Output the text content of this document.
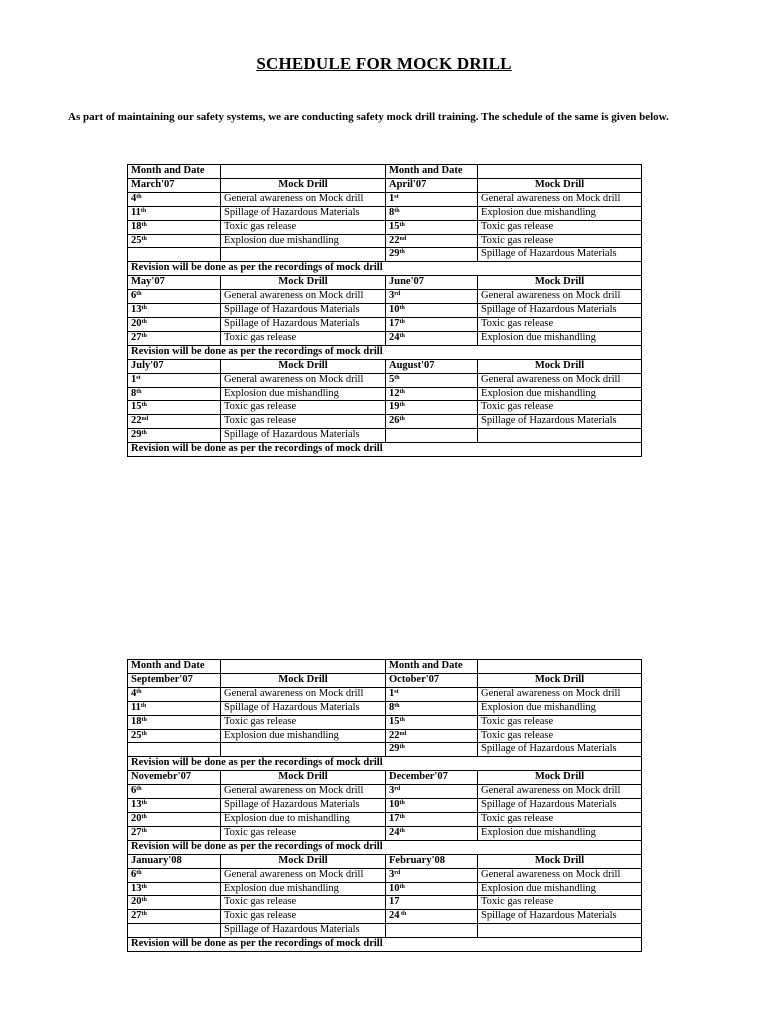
SCHEDULE FOR MOCK DRILL
As part of maintaining our safety systems, we are conducting safety mock drill training. The schedule of the same is given below.
Month and Date		Month and Date	
March'07	Mock Drill	April'07	Mock Drill
4th	General awareness on Mock drill	1st	General awareness on Mock drill
11th	Spillage of Hazardous Materials	8th	Explosion due mishandling
18th	Toxic gas release	15th	Toxic gas release
25th	Explosion due mishandling	22nd	Toxic gas release
		29th	Spillage of Hazardous Materials
Revision will be done as per the recordings of mock drill			
May'07	Mock Drill	June'07	Mock Drill
6th	General awareness on Mock drill	3rd	General awareness on Mock drill
13th	Spillage of Hazardous Materials	10th	Spillage of Hazardous Materials
20th	Spillage of Hazardous Materials	17th	Toxic gas release
27th	Toxic gas release	24th	Explosion due mishandling
Revision will be done as per the recordings of mock drill			
July'07	Mock Drill	August'07	Mock Drill
1st	General awareness on Mock drill	5th	General awareness on Mock drill
8th	Explosion due mishandling	12th	Explosion due mishandling
15th	Toxic gas release	19th	Toxic gas release
22nd	Toxic gas release	26th	Spillage of Hazardous Materials
29th	Spillage of Hazardous Materials		
Revision will be done as per the recordings of mock drill			
Month and Date		Month and Date	
September'07	Mock Drill	October'07	Mock Drill
4th	General awareness on Mock drill	1st	General awareness on Mock drill
11th	Spillage of Hazardous Materials	8th	Explosion due mishandling
18th	Toxic gas release	15th	Toxic gas release
25th	Explosion due mishandling	22nd	Toxic gas release
		29th	Spillage of Hazardous Materials
Revision will be done as per the recordings of mock drill			
Novemebr'07	Mock Drill	December'07	Mock Drill
6th	General awareness on Mock drill	3rd	General awareness on Mock drill
13th	Spillage of Hazardous Materials	10th	Spillage of Hazardous Materials
20th	Explosion due to mishandling	17th	Toxic gas release
27th	Toxic gas release	24th	Explosion due mishandling
Revision will be done as per the recordings of mock drill			
January'08	Mock Drill	February'08	Mock Drill
6th	General awareness on Mock drill	3rd	General awareness on Mock drill
13th	Explosion due mishandling	10th	Explosion due mishandling
20th	Toxic gas release	17	Toxic gas release
27th	Toxic gas release	24 $^{th}$	Spillage of Hazardous Materials
	Spillage of Hazardous Materials		
Revision will be done as per the recordings of mock drill			
